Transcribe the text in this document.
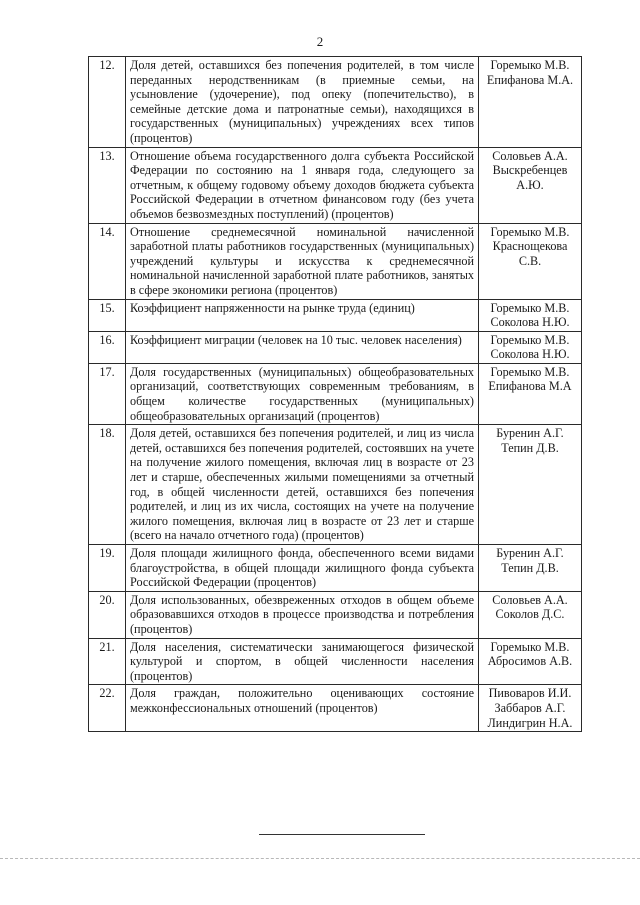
2
12.	Доля детей, оставшихся без попечения родителей, в том числе переданных неродственникам (в приемные семьи, на усыновление (удочерение), под опеку (попечительство), в семейные детские дома и патронатные семьи), находящихся в государственных (муниципальных) учреждениях всех типов (процентов)	Горемыко М.В.
Епифанова М.А.

13.	Отношение объема государственного долга субъекта Российской Федерации по состоянию на 1 января года, следующего за отчетным, к общему годовому объему доходов бюджета субъекта Российской Федерации в отчетном финансовом году (без учета объемов безвозмездных поступлений) (процентов)	Соловьев А.А.
Выскребенцев А.Ю.

14.	Отношение среднемесячной номинальной начисленной заработной платы работников государственных (муниципальных) учреждений культуры и искусства к среднемесячной номинальной начисленной заработной плате работников, занятых в сфере экономики региона (процентов)	Горемыко М.В.
Краснощекова С.В.

15.	Коэффициент напряженности на рынке труда (единиц)	Горемыко М.В.
Соколова Н.Ю.

16.	Коэффициент миграции (человек на 10 тыс. человек населения)	Горемыко М.В.
Соколова Н.Ю.

17.	Доля государственных (муниципальных) общеобразовательных организаций, соответствующих современным требованиям, в общем количестве государственных (муниципальных) общеобразовательных организаций (процентов)	Горемыко М.В.
Епифанова М.А

18.	Доля детей, оставшихся без попечения родителей, и лиц из числа детей, оставшихся без попечения родителей, состоявших на учете на получение жилого помещения, включая лиц в возрасте от 23 лет и старше, обеспеченных жилыми помещениями за отчетный год, в общей численности детей, оставшихся без попечения родителей, и лиц из их числа, состоящих на учете на получение жилого помещения, включая лиц в возрасте от 23 лет и старше (всего на начало отчетного года) (процентов)	Буренин А.Г.
Тепин Д.В.

19.	Доля площади жилищного фонда, обеспеченного всеми видами благоустройства, в общей площади жилищного фонда субъекта Российской Федерации (процентов)	Буренин А.Г.
Тепин Д.В.

20.	Доля использованных, обезвреженных отходов в общем объеме образовавшихся отходов в процессе производства и потребления (процентов)	Соловьев А.А.
Соколов Д.С.

21.	Доля населения, систематически занимающегося физической культурой и спортом, в общей численности населения (процентов)	Горемыко М.В.
Абросимов А.В.

22.	Доля граждан, положительно оценивающих состояние межконфессиональных отношений (процентов)	Пивоваров И.И.
Заббаров А.Г.
Линдигрин Н.А.
